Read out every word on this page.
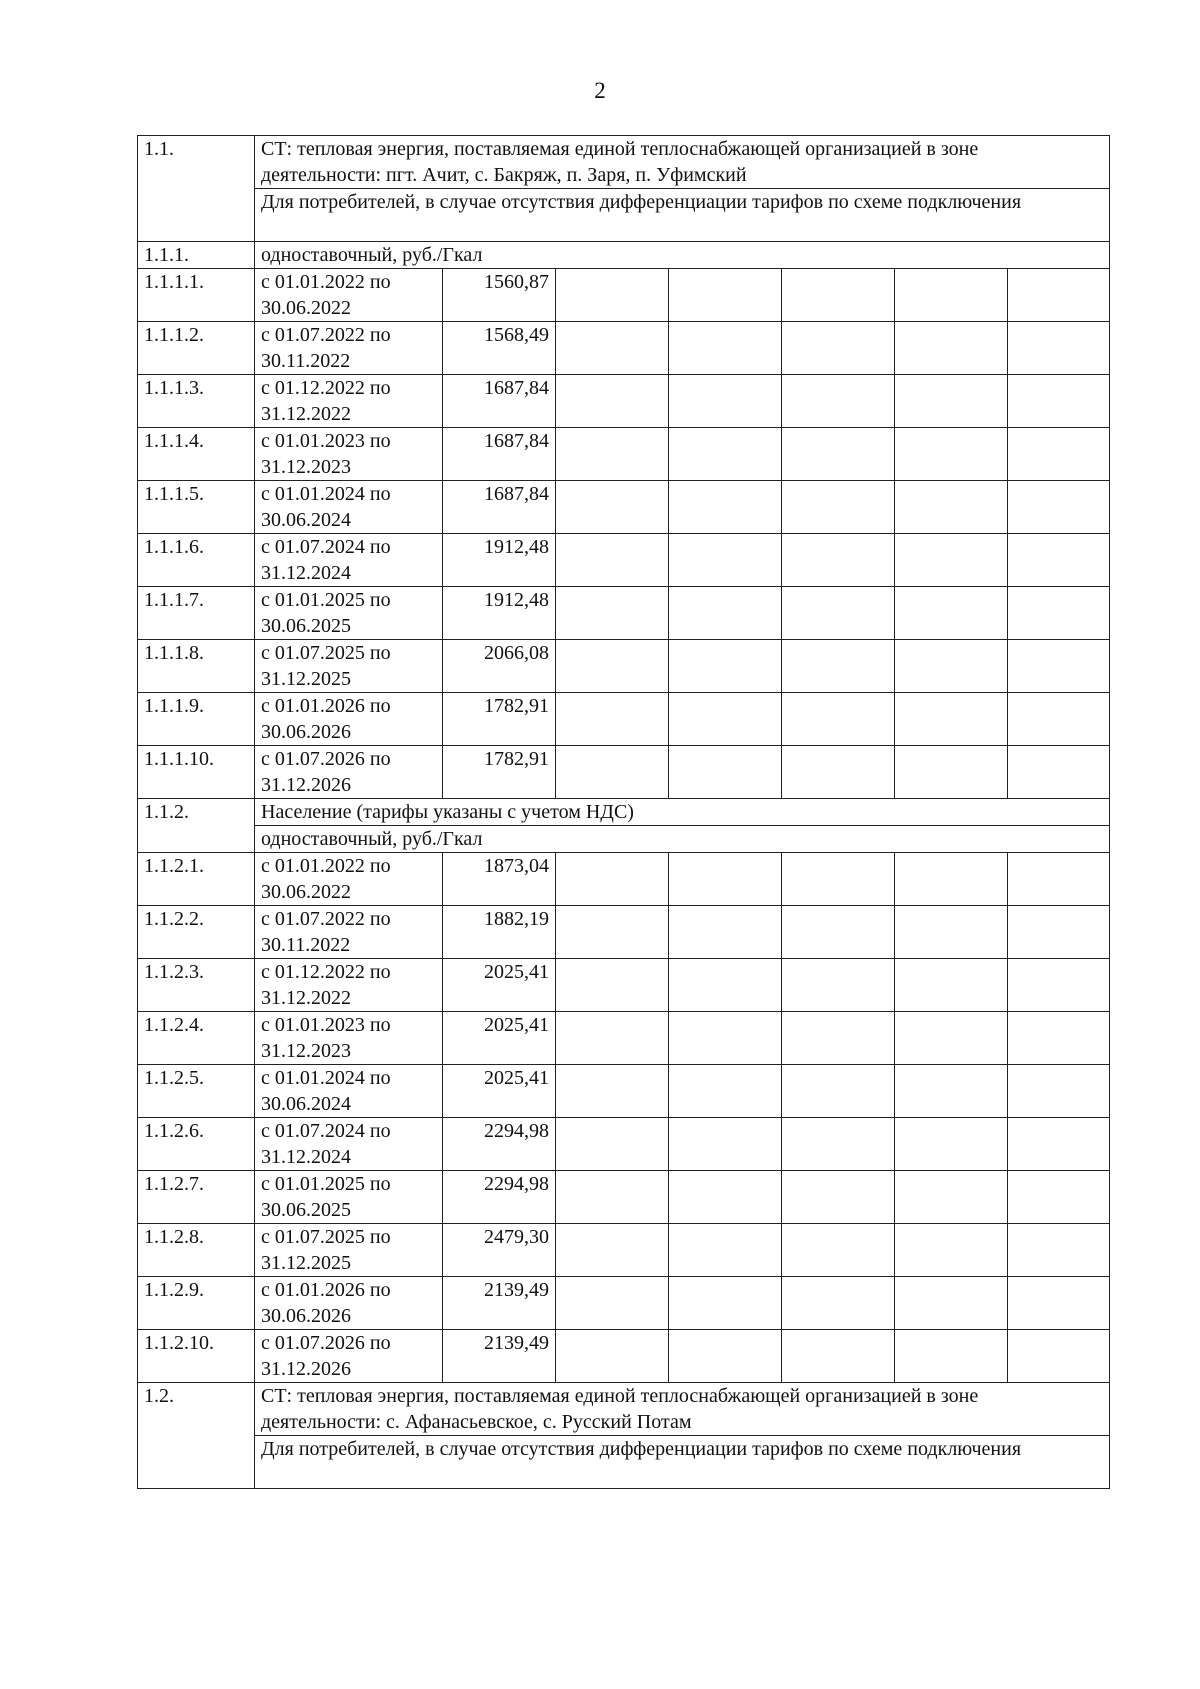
2
1.1.	СТ: тепловая энергия, поставляемая единой теплоснабжающей организацией в зоне деятельности: пгт. Ачит, с. Бакряж, п. Заря, п. Уфимский						
	Для потребителей, в случае отсутствия дифференциации тарифов по схеме подключения						
1.1.1.	одноставочный, руб./Гкал						
1.1.1.1.	с 01.01.2022 по 30.06.2022	1560,87					
1.1.1.2.	с 01.07.2022 по 30.11.2022	1568,49					
1.1.1.3.	с 01.12.2022 по 31.12.2022	1687,84					
1.1.1.4.	с 01.01.2023 по 31.12.2023	1687,84					
1.1.1.5.	с 01.01.2024 по 30.06.2024	1687,84					
1.1.1.6.	с 01.07.2024 по 31.12.2024	1912,48					
1.1.1.7.	с 01.01.2025 по 30.06.2025	1912,48					
1.1.1.8.	с 01.07.2025 по 31.12.2025	2066,08					
1.1.1.9.	с 01.01.2026 по 30.06.2026	1782,91					
1.1.1.10.	с 01.07.2026 по 31.12.2026	1782,91					
1.1.2.	Население (тарифы указаны с учетом НДС)						
	одноставочный, руб./Гкал						
1.1.2.1.	с 01.01.2022 по 30.06.2022	1873,04					
1.1.2.2.	с 01.07.2022 по 30.11.2022	1882,19					
1.1.2.3.	с 01.12.2022 по 31.12.2022	2025,41					
1.1.2.4.	с 01.01.2023 по 31.12.2023	2025,41					
1.1.2.5.	с 01.01.2024 по 30.06.2024	2025,41					
1.1.2.6.	с 01.07.2024 по 31.12.2024	2294,98					
1.1.2.7.	с 01.01.2025 по 30.06.2025	2294,98					
1.1.2.8.	с 01.07.2025 по 31.12.2025	2479,30					
1.1.2.9.	с 01.01.2026 по 30.06.2026	2139,49					
1.1.2.10.	с 01.07.2026 по 31.12.2026	2139,49					
1.2.	СТ: тепловая энергия, поставляемая единой теплоснабжающей организацией в зоне деятельности: с. Афанасьевское, с. Русский Потам						
	Для потребителей, в случае отсутствия дифференциации тарифов по схеме подключения						
